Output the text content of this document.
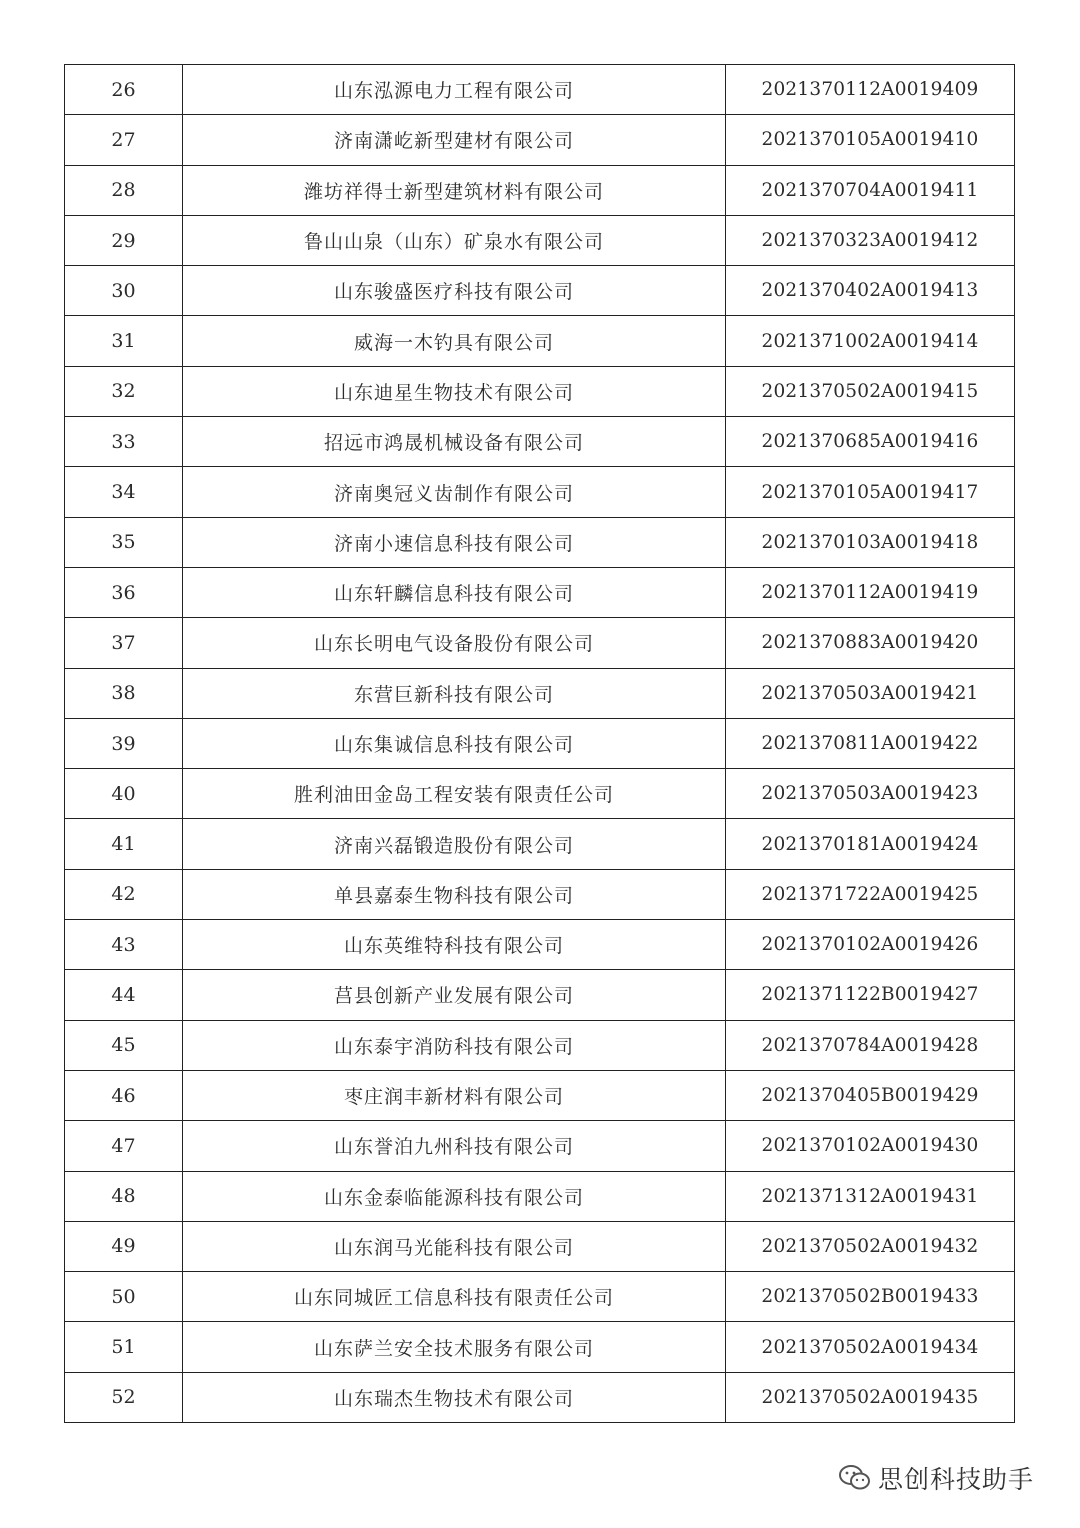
26	山东泓源电力工程有限公司	2021370112A0019409
27	济南潇屹新型建材有限公司	2021370105A0019410
28	潍坊祥得士新型建筑材料有限公司	2021370704A0019411
29	鲁山山泉（山东）矿泉水有限公司	2021370323A0019412
30	山东骏盛医疗科技有限公司	2021370402A0019413
31	威海一木钓具有限公司	2021371002A0019414
32	山东迪星生物技术有限公司	2021370502A0019415
33	招远市鸿晟机械设备有限公司	2021370685A0019416
34	济南奥冠义齿制作有限公司	2021370105A0019417
35	济南小速信息科技有限公司	2021370103A0019418
36	山东轩麟信息科技有限公司	2021370112A0019419
37	山东长明电气设备股份有限公司	2021370883A0019420
38	东营巨新科技有限公司	2021370503A0019421
39	山东集诚信息科技有限公司	2021370811A0019422
40	胜利油田金岛工程安装有限责任公司	2021370503A0019423
41	济南兴磊锻造股份有限公司	2021370181A0019424
42	单县嘉泰生物科技有限公司	2021371722A0019425
43	山东英维特科技有限公司	2021370102A0019426
44	莒县创新产业发展有限公司	2021371122B0019427
45	山东泰宇消防科技有限公司	2021370784A0019428
46	枣庄润丰新材料有限公司	2021370405B0019429
47	山东誉泊九州科技有限公司	2021370102A0019430
48	山东金泰临能源科技有限公司	2021371312A0019431
49	山东润马光能科技有限公司	2021370502A0019432
50	山东同城匠工信息科技有限责任公司	2021370502B0019433
51	山东萨兰安全技术服务有限公司	2021370502A0019434
52	山东瑞杰生物技术有限公司	2021370502A0019435
思创科技助手
